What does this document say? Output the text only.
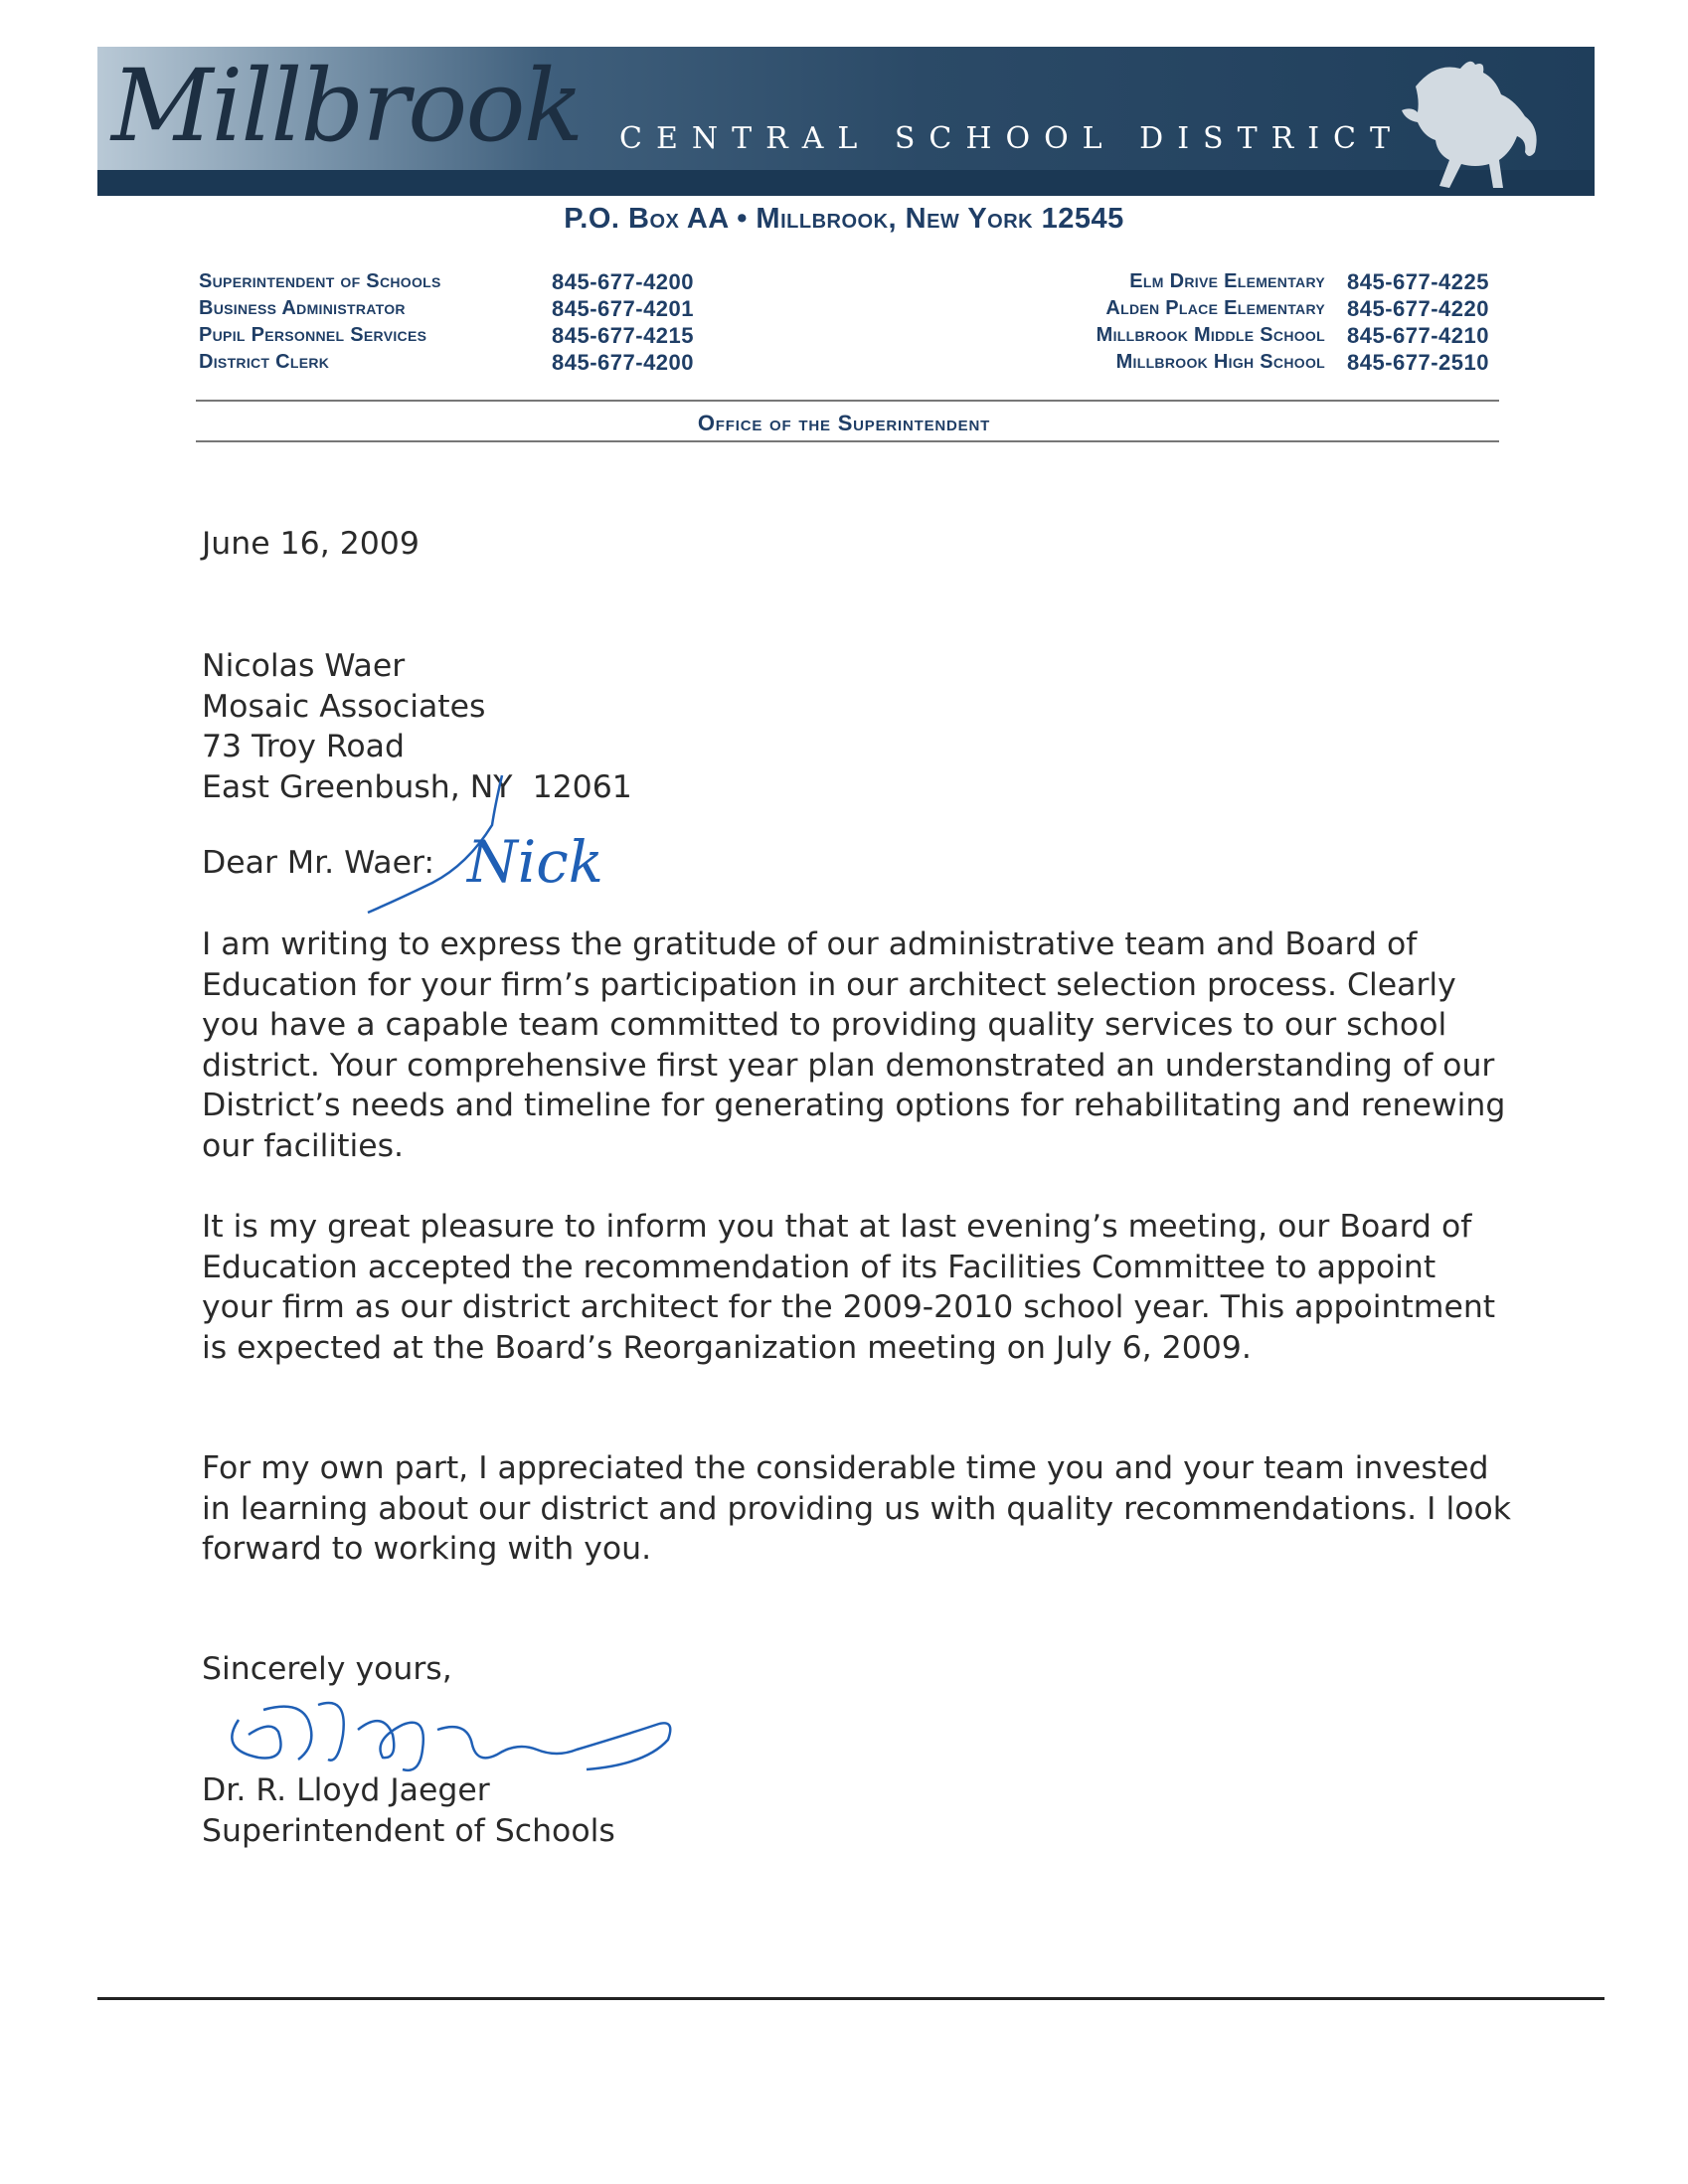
Millbrook CENTRAL SCHOOL DISTRICT
P.O. Box AA • Millbrook, New York 12545
Superintendent of Schools	845-677-4200
Business Administrator	845-677-4201
Pupil Personnel Services	845-677-4215
District Clerk	845-677-4200
Elm Drive Elementary	845-677-4225
Alden Place Elementary	845-677-4220
Millbrook Middle School	845-677-4210
Millbrook High School	845-677-2510
Office of the Superintendent
June 16, 2009

Nicolas Waer

Mosaic Associates

73 Troy Road

East Greenbush, NY  12061

Dear Mr. Waer: Nick
I am writing to express the gratitude of our administrative team and Board of Education for your firm’s participation in our architect selection process. Clearly you have a capable team committed to providing quality services to our school district. Your comprehensive first year plan demonstrated an understanding of our District’s needs and timeline for generating options for rehabilitating and renewing our facilities.
It is my great pleasure to inform you that at last evening’s meeting, our Board of Education accepted the recommendation of its Facilities Committee to appoint your firm as our district architect for the 2009-2010 school year. This appointment is expected at the Board’s Reorganization meeting on July 6, 2009.
For my own part, I appreciated the considerable time you and your team invested in learning about our district and providing us with quality recommendations. I look forward to working with you.
Sincerely yours,

Dr. R. Lloyd Jaeger

Superintendent of Schools
